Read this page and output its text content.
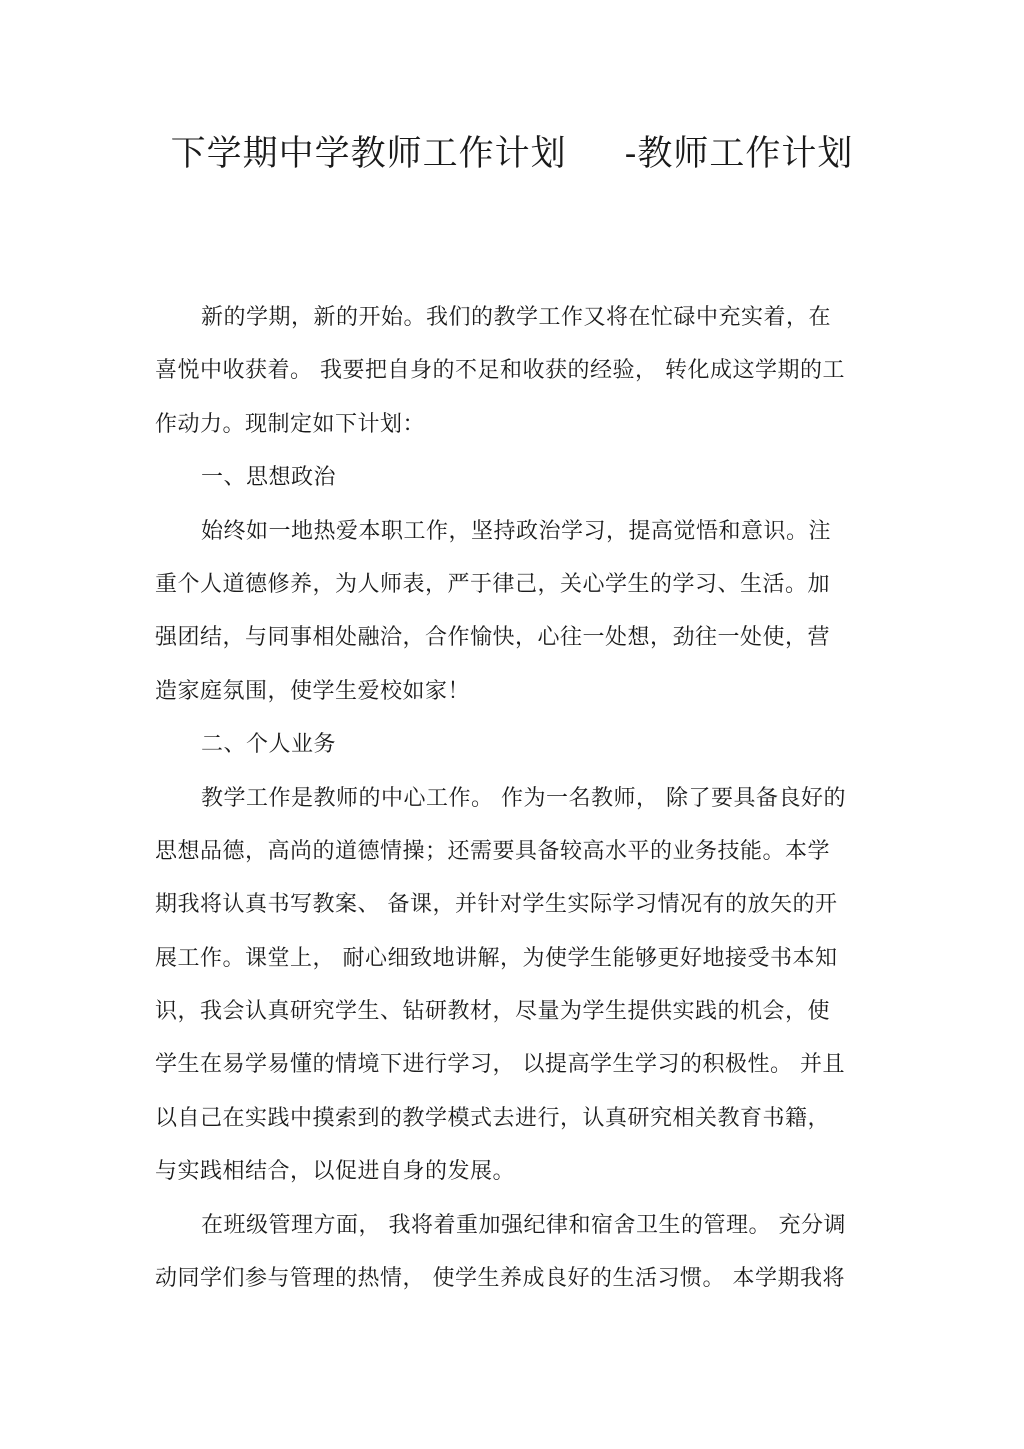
下学期中学教师工作计划 -教师工作计划
新的学期，新的开始。我们的教学工作又将在忙碌中充实着，在
喜悦中收获着。 我要把自身的不足和收获的经验， 转化成这学期的工
作动力。现制定如下计划：
一、思想政治
始终如一地热爱本职工作，坚持政治学习，提高觉悟和意识。注
重个人道德修养，为人师表，严于律己，关心学生的学习、生活。加
强团结，与同事相处融洽，合作愉快，心往一处想，劲往一处使，营
造家庭氛围，使学生爱校如家！
二、个人业务
教学工作是教师的中心工作。 作为一名教师， 除了要具备良好的
思想品德，高尚的道德情操；还需要具备较高水平的业务技能。本学
期我将认真书写教案、 备课，并针对学生实际学习情况有的放矢的开
展工作。课堂上， 耐心细致地讲解，为使学生能够更好地接受书本知
识，我会认真研究学生、钻研教材，尽量为学生提供实践的机会，使
学生在易学易懂的情境下进行学习， 以提高学生学习的积极性。 并且
以自己在实践中摸索到的教学模式去进行，认真研究相关教育书籍，
与实践相结合，以促进自身的发展。
在班级管理方面， 我将着重加强纪律和宿舍卫生的管理。 充分调
动同学们参与管理的热情， 使学生养成良好的生活习惯。 本学期我将
